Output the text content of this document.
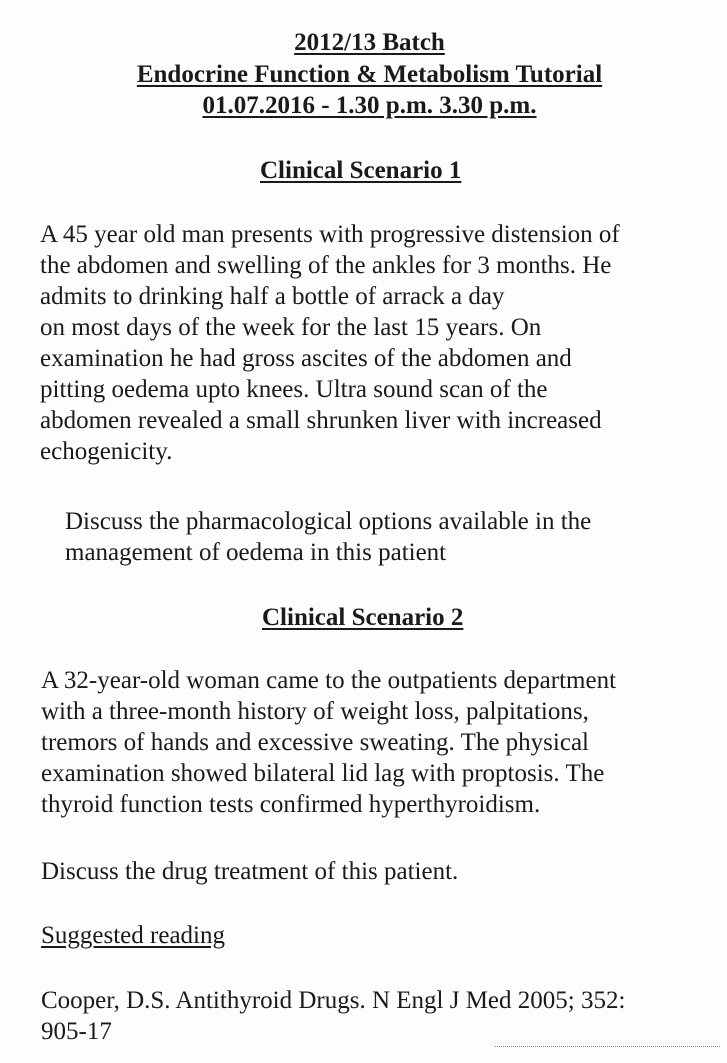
2012/13 Batch
Endocrine Function & Metabolism Tutorial
01.07.2016 - 1.30 p.m. 3.30 p.m.
Clinical Scenario 1
A 45 year old man presents with progressive distension of
the abdomen and swelling of the ankles for 3 months. He
admits to drinking half a bottle of arrack a day
on most days of the week for the last 15 years. On
examination he had gross ascites of the abdomen and
pitting oedema upto knees. Ultra sound scan of the
abdomen revealed a small shrunken liver with increased
echogenicity.
Discuss the pharmacological options available in the
management of oedema in this patient
Clinical Scenario 2
A 32-year-old woman came to the outpatients department
with a three-month history of weight loss, palpitations,
tremors of hands and excessive sweating. The physical
examination showed bilateral lid lag with proptosis. The
thyroid function tests confirmed hyperthyroidism.
Discuss the drug treatment of this patient.
Suggested reading
Cooper, D.S. Antithyroid Drugs. N Engl J Med 2005; 352:
905-17
